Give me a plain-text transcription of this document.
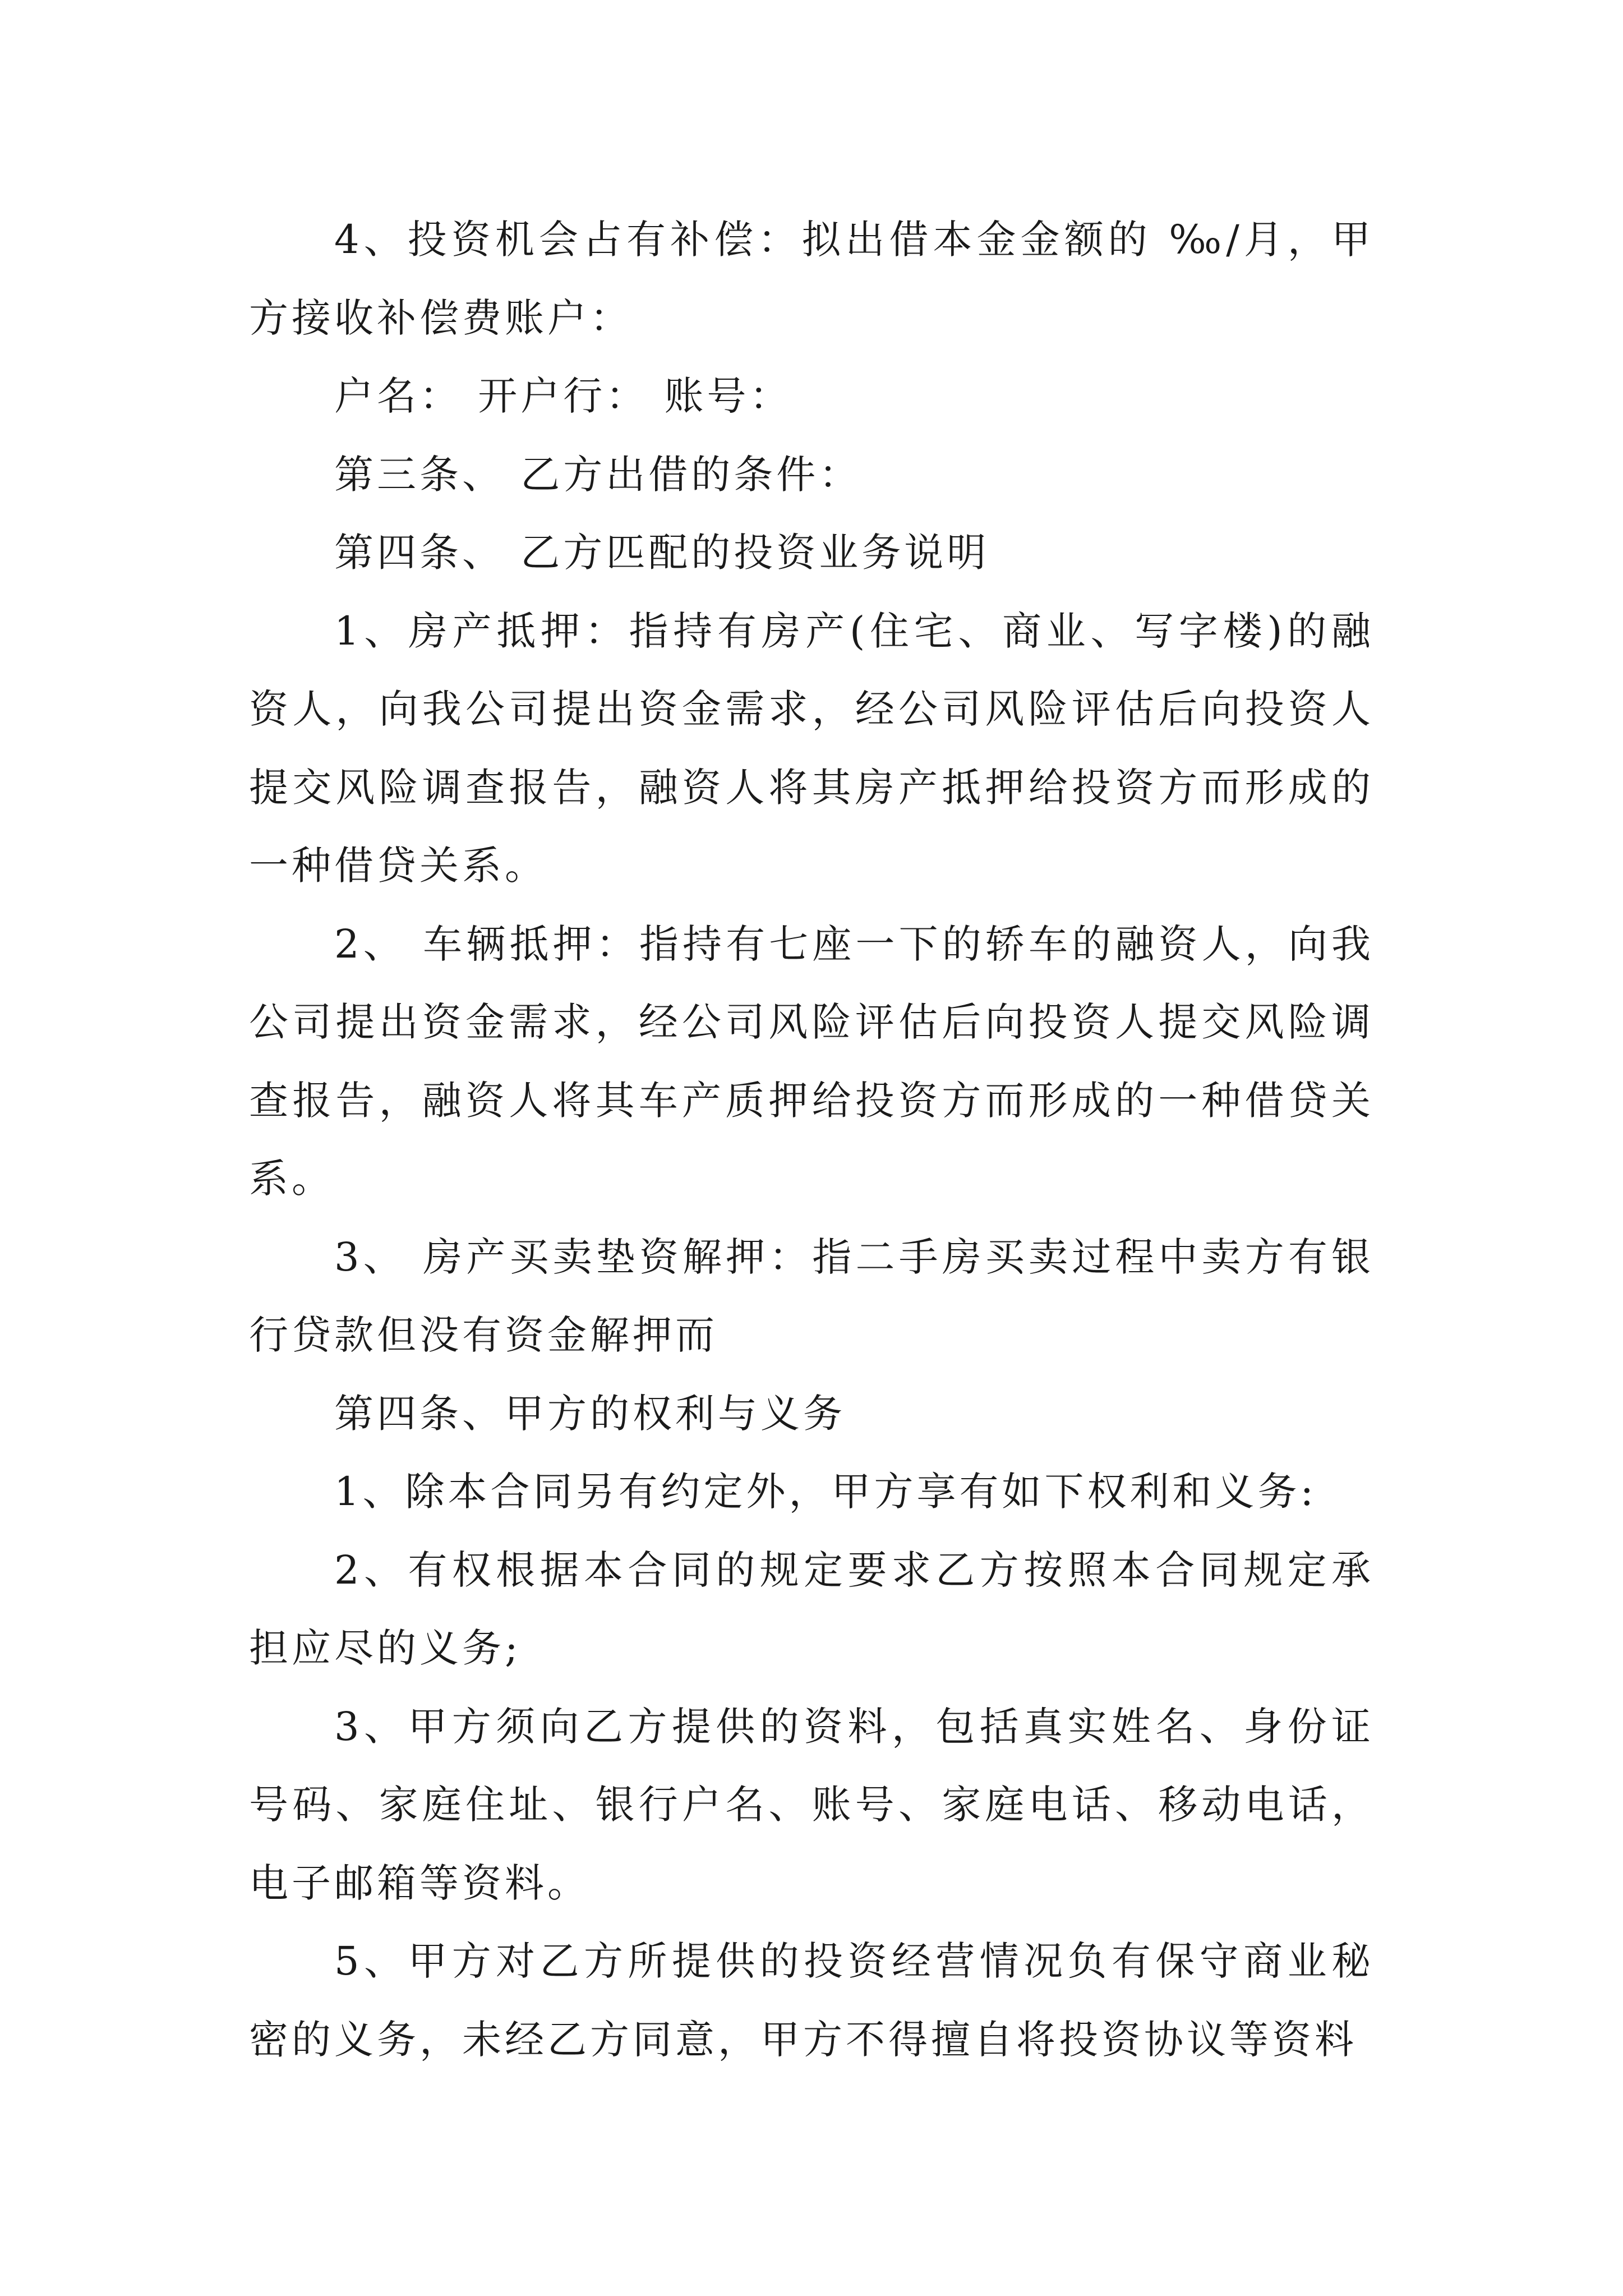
4、投资机会占有补偿：拟出借本金金额的 ‰/月，甲方接收补偿费账户：

户名： 开户行： 账号：

第三条、 乙方出借的条件：

第四条、 乙方匹配的投资业务说明

1、房产抵押：指持有房产(住宅、商业、写字楼)的融资人，向我公司提出资金需求，经公司风险评估后向投资人提交风险调查报告，融资人将其房产抵押给投资方而形成的一种借贷关系。

2、 车辆抵押：指持有七座一下的轿车的融资人，向我公司提出资金需求，经公司风险评估后向投资人提交风险调查报告，融资人将其车产质押给投资方而形成的一种借贷关系。

3、 房产买卖垫资解押：指二手房买卖过程中卖方有银行贷款但没有资金解押而

第四条、甲方的权利与义务

1、除本合同另有约定外，甲方享有如下权利和义务:

2、有权根据本合同的规定要求乙方按照本合同规定承担应尽的义务;

3、甲方须向乙方提供的资料，包括真实姓名、身份证号码、家庭住址、银行户名、账号、家庭电话、移动电话，电子邮箱等资料。

5、甲方对乙方所提供的投资经营情况负有保守商业秘密的义务，未经乙方同意，甲方不得擅自将投资协议等资料
